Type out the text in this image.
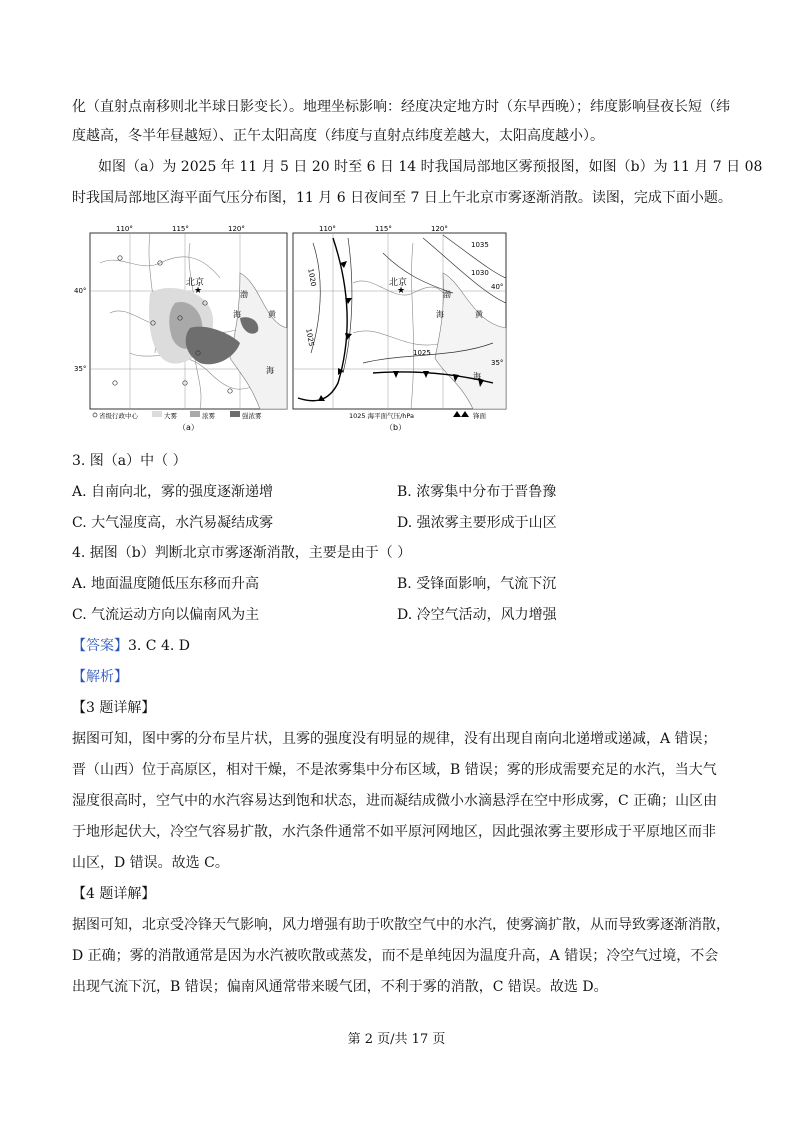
化（直射点南移则北半球日影变长）。地理坐标影响：经度决定地方时（东早西晚）；纬度影响昼夜长短（纬
度越高，冬半年昼越短）、正午太阳高度（纬度与直射点纬度差越大，太阳高度越小）。
如图（a）为 2025 年 11 月 5 日 20 时至 6 日 14 时我国局部地区雾预报图，如图（b）为 11 月 7 日 08
时我国局部地区海平面气压分布图，11 月 6 日夜间至 7 日上午北京市雾逐渐消散。读图，完成下面小题。
110°	115°	120°
40°
35°
★
北京
渤
海	黄
海
省级行政中心	大雾	浓雾	强浓雾
（a）
110°	115°	120°
40°
35°
★
北京
渤
海	黄
海
1035
1030
1020
1025
1025
1025 海平面气压/hPa	锋面
（b）
3. 图（a）中（ ）
A. 自南向北，雾的强度逐渐递增	B. 浓雾集中分布于晋鲁豫
C. 大气湿度高，水汽易凝结成雾	D. 强浓雾主要形成于山区
4. 据图（b）判断北京市雾逐渐消散，主要是由于（ ）
A. 地面温度随低压东移而升高	B. 受锋面影响，气流下沉
C. 气流运动方向以偏南风为主	D. 冷空气活动，风力增强
【答案】3. C 4. D
【解析】
【3 题详解】
据图可知，图中雾的分布呈片状，且雾的强度没有明显的规律，没有出现自南向北递增或递减，A 错误；
晋（山西）位于高原区，相对干燥，不是浓雾集中分布区域，B 错误；雾的形成需要充足的水汽，当大气
湿度很高时，空气中的水汽容易达到饱和状态，进而凝结成微小水滴悬浮在空中形成雾，C 正确；山区由
于地形起伏大，冷空气容易扩散，水汽条件通常不如平原河网地区，因此强浓雾主要形成于平原地区而非
山区，D 错误。故选 C。
【4 题详解】
据图可知，北京受冷锋天气影响，风力增强有助于吹散空气中的水汽，使雾滴扩散，从而导致雾逐渐消散，
D 正确；雾的消散通常是因为水汽被吹散或蒸发，而不是单纯因为温度升高，A 错误；冷空气过境，不会
出现气流下沉，B 错误；偏南风通常带来暖气团，不利于雾的消散，C 错误。故选 D。
第 2 页/共 17 页
